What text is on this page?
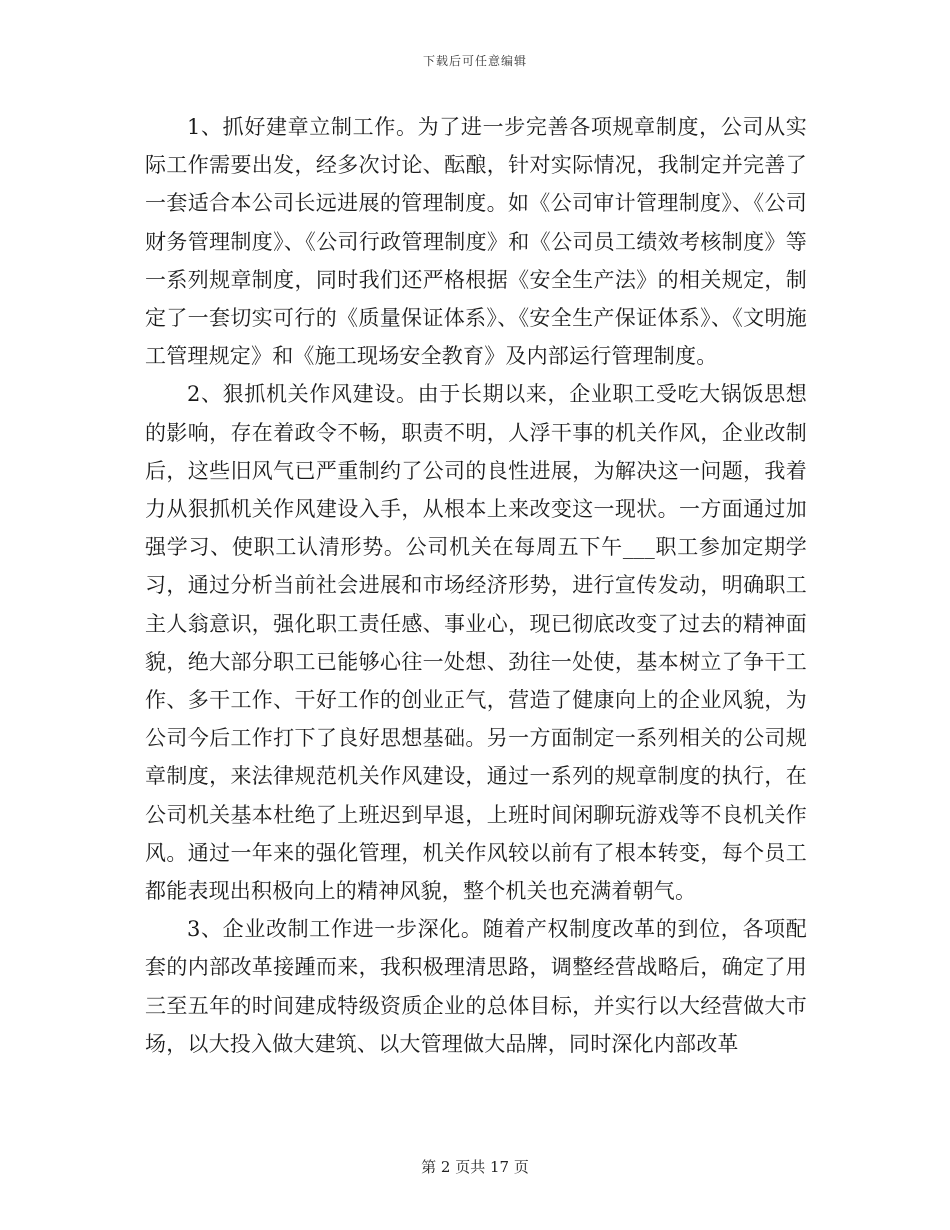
下载后可任意编辑

1、抓好建章立制工作。为了进一步完善各项规章制度，公司从实际工作需要出发，经多次讨论、酝酿，针对实际情况，我制定并完善了一套适合本公司长远进展的管理制度。如《公司审计管理制度》、《公司财务管理制度》、《公司行政管理制度》和《公司员工绩效考核制度》等一系列规章制度，同时我们还严格根据《安全生产法》的相关规定，制定了一套切实可行的《质量保证体系》、《安全生产保证体系》、《文明施工管理规定》和《施工现场安全教育》及内部运行管理制度。

2、狠抓机关作风建设。由于长期以来，企业职工受吃大锅饭思想的影响，存在着政令不畅，职责不明，人浮干事的机关作风，企业改制后，这些旧风气已严重制约了公司的良性进展，为解决这一问题，我着力从狠抓机关作风建设入手，从根本上来改变这一现状。一方面通过加强学习、使职工认清形势。公司机关在每周五下午___职工参加定期学习，通过分析当前社会进展和市场经济形势，进行宣传发动，明确职工主人翁意识，强化职工责任感、事业心，现已彻底改变了过去的精神面貌，绝大部分职工已能够心往一处想、劲往一处使，基本树立了争干工作、多干工作、干好工作的创业正气，营造了健康向上的企业风貌，为公司今后工作打下了良好思想基础。另一方面制定一系列相关的公司规章制度，来法律规范机关作风建设，通过一系列的规章制度的执行，在公司机关基本杜绝了上班迟到早退，上班时间闲聊玩游戏等不良机关作风。通过一年来的强化管理，机关作风较以前有了根本转变，每个员工都能表现出积极向上的精神风貌，整个机关也充满着朝气。

3、企业改制工作进一步深化。随着产权制度改革的到位，各项配套的内部改革接踵而来，我积极理清思路，调整经营战略后，确定了用三至五年的时间建成特级资质企业的总体目标，并实行以大经营做大市场，以大投入做大建筑、以大管理做大品牌，同时深化内部改革

第 2 页共 17 页
